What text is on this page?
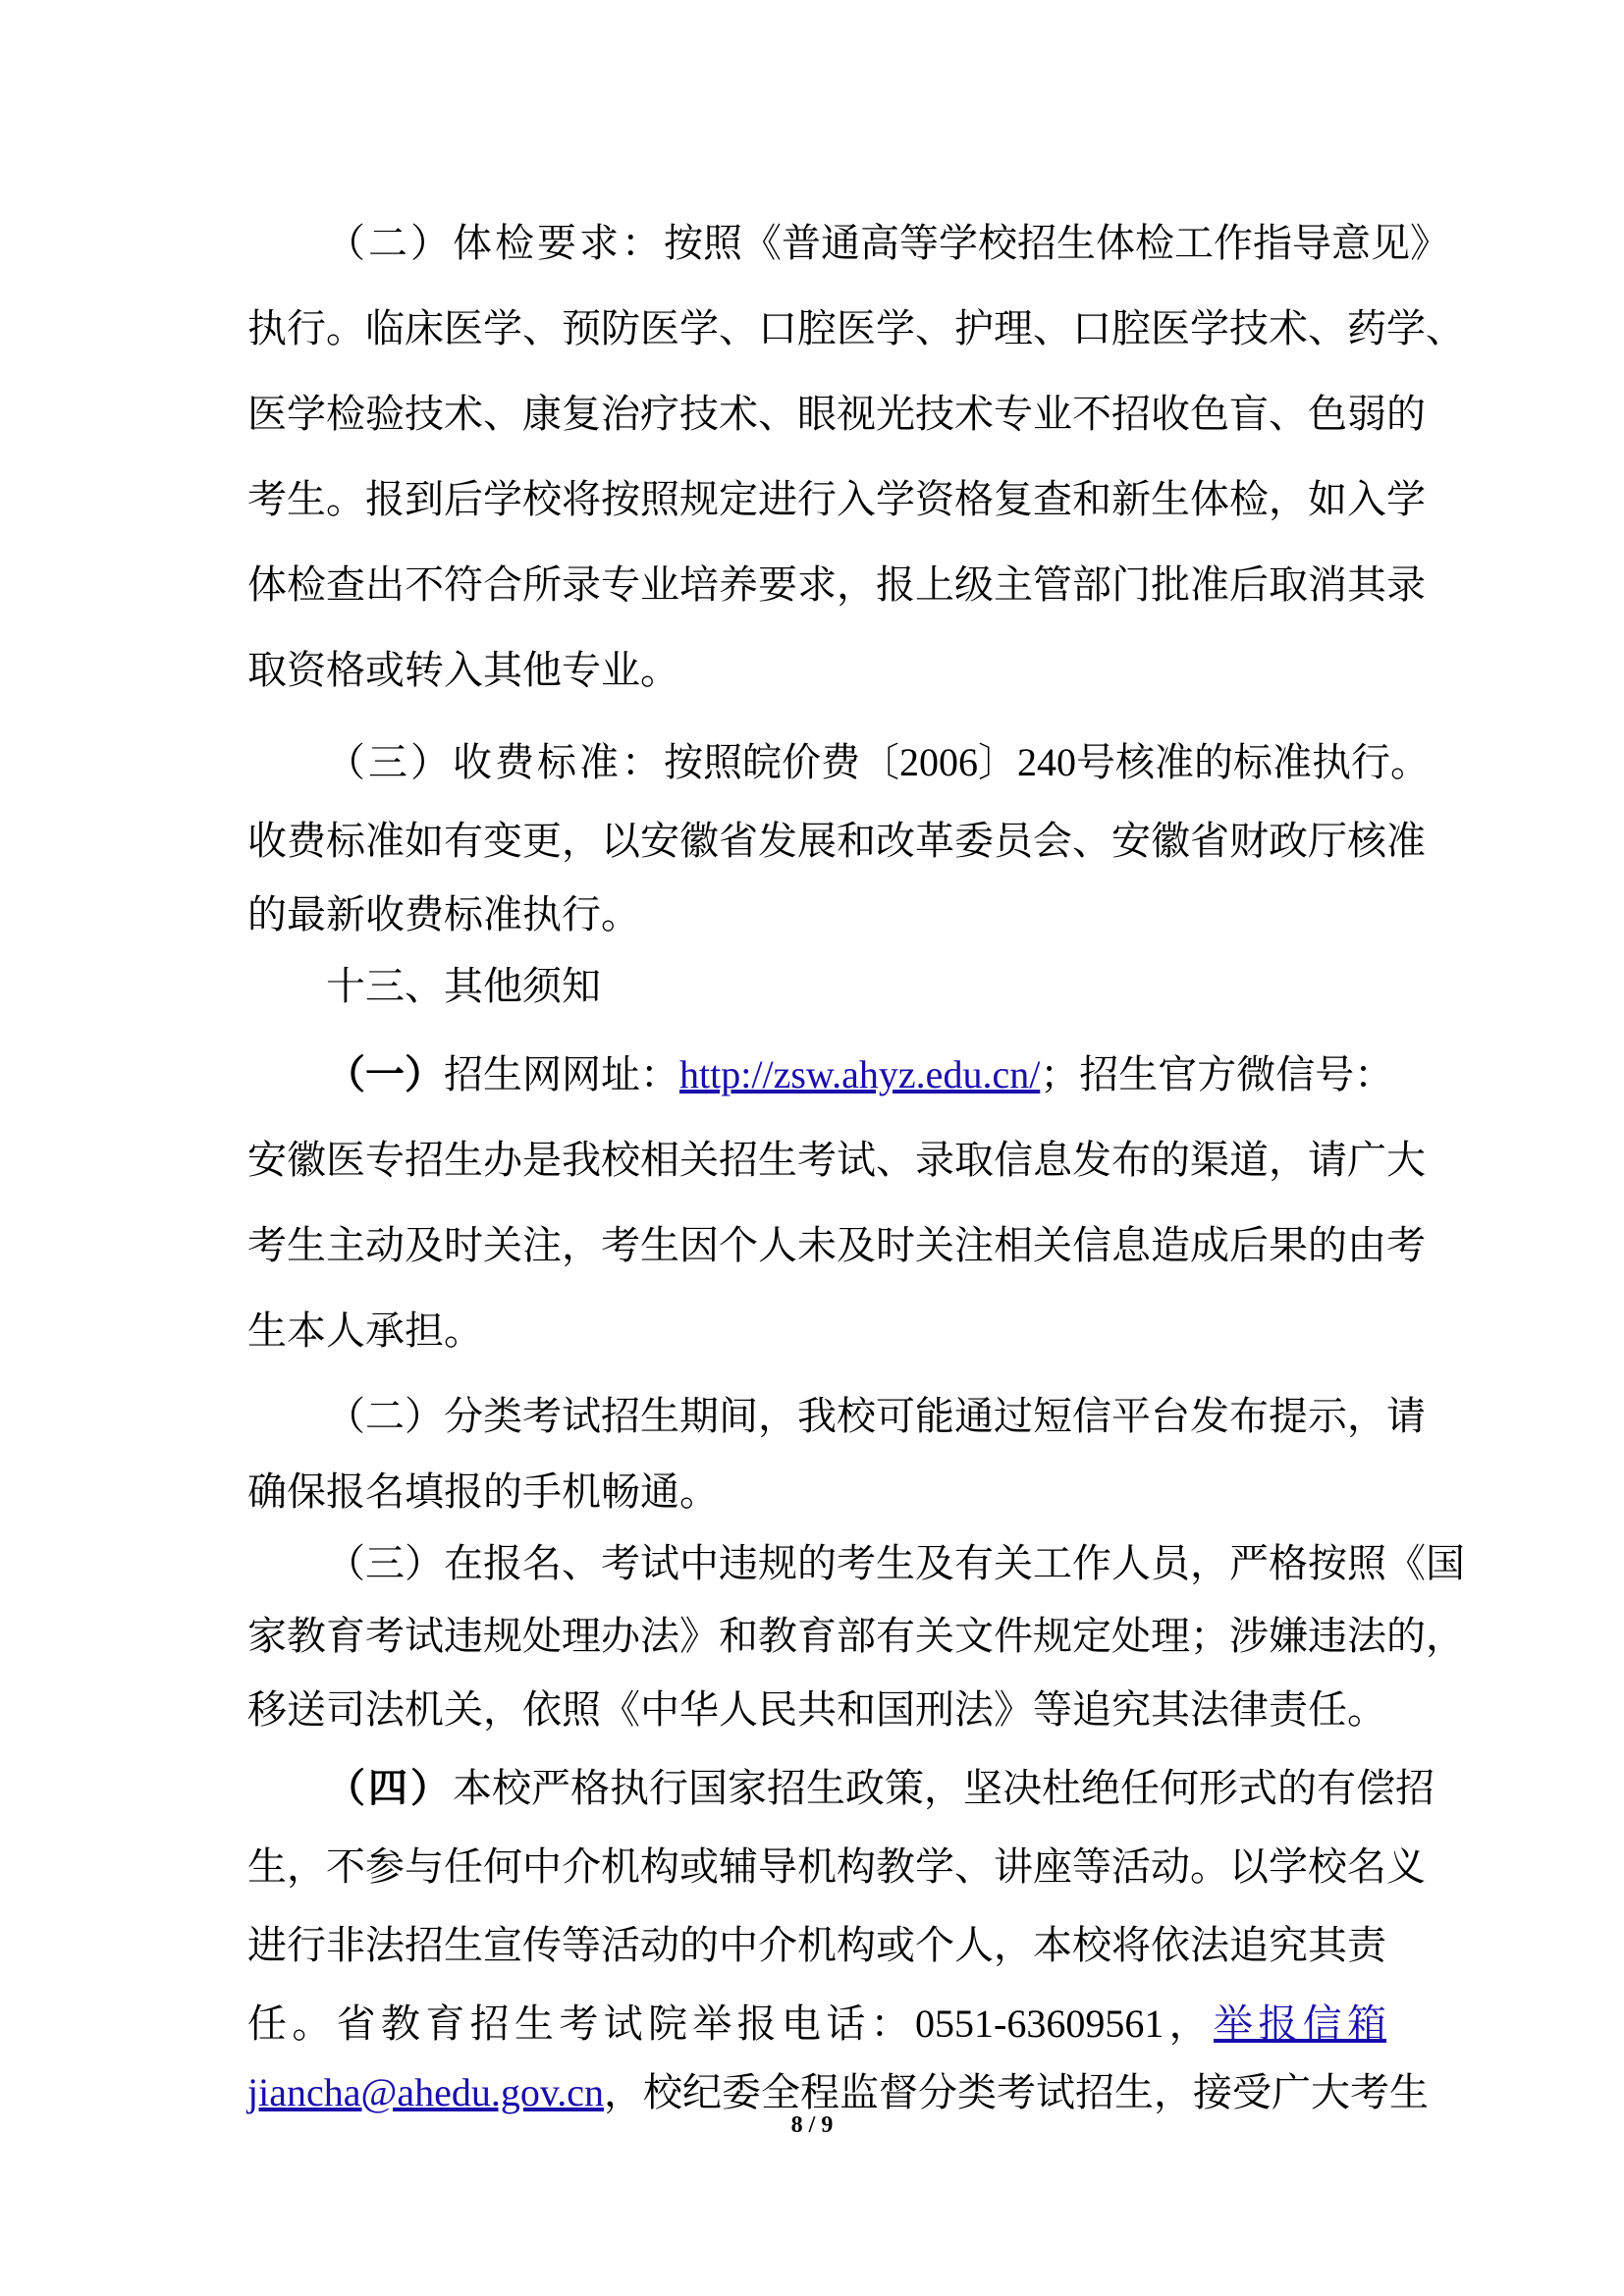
（二）体检要求：按照《普通高等学校招生体检工作指导意见》
执行。临床医学、预防医学、口腔医学、护理、口腔医学技术、药学、
医学检验技术、康复治疗技术、眼视光技术专业不招收色盲、色弱的
考生。报到后学校将按照规定进行入学资格复查和新生体检，如入学
体检查出不符合所录专业培养要求，报上级主管部门批准后取消其录
取资格或转入其他专业。
（三）收费标准：按照皖价费〔2006〕240号核准的标准执行。
收费标准如有变更，以安徽省发展和改革委员会、安徽省财政厅核准
的最新收费标准执行。
十三、其他须知
（一）招生网网址：http://zsw.ahyz.edu.cn/；招生官方微信号：
安徽医专招生办是我校相关招生考试、录取信息发布的渠道，请广大
考生主动及时关注，考生因个人未及时关注相关信息造成后果的由考
生本人承担。
（二）分类考试招生期间，我校可能通过短信平台发布提示，请
确保报名填报的手机畅通。
（三）在报名、考试中违规的考生及有关工作人员，严格按照《国
家教育考试违规处理办法》和教育部有关文件规定处理；涉嫌违法的，
移送司法机关，依照《中华人民共和国刑法》等追究其法律责任。
（四）本校严格执行国家招生政策，坚决杜绝任何形式的有偿招
生，不参与任何中介机构或辅导机构教学、讲座等活动。以学校名义
进行非法招生宣传等活动的中介机构或个人，本校将依法追究其责
任。省教育招生考试院举报电话：0551-63609561，举报信箱
jiancha@ahedu.gov.cn，校纪委全程监督分类考试招生，接受广大考生
8 / 9
